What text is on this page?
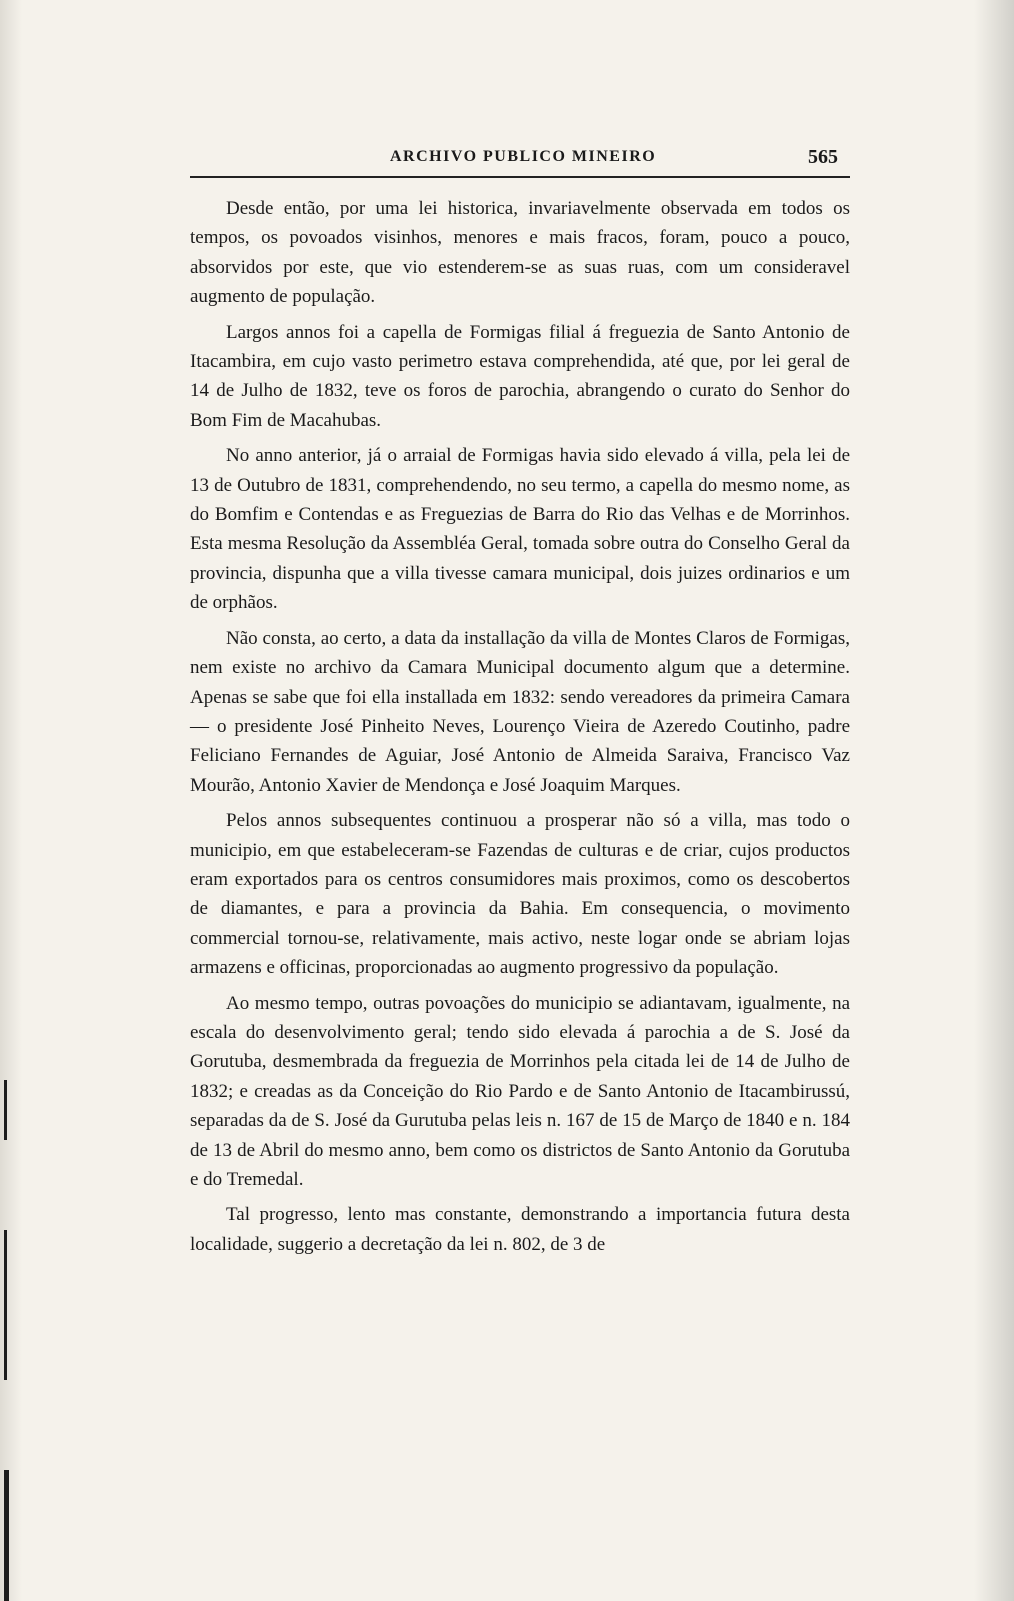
ARCHIVO PUBLICO MINEIRO	565

Desde então, por uma lei historica, invariavelmente observada em todos os tempos, os povoados visinhos, menores e mais fracos, foram, pouco a pouco, absorvidos por este, que vio estenderem-se as suas ruas, com um consideravel augmento de população.

Largos annos foi a capella de Formigas filial á freguezia de Santo Antonio de Itacambira, em cujo vasto perimetro estava comprehendida, até que, por lei geral de 14 de Julho de 1832, teve os foros de parochia, abrangendo o curato do Senhor do Bom Fim de Macahubas.

No anno anterior, já o arraial de Formigas havia sido elevado á villa, pela lei de 13 de Outubro de 1831, comprehendendo, no seu termo, a capella do mesmo nome, as do Bomfim e Contendas e as Freguezias de Barra do Rio das Velhas e de Morrinhos. Esta mesma Resolução da Assembléa Geral, tomada sobre outra do Conselho Geral da provincia, dispunha que a villa tivesse camara municipal, dois juizes ordinarios e um de orphãos.

Não consta, ao certo, a data da installação da villa de Montes Claros de Formigas, nem existe no archivo da Camara Municipal documento algum que a determine. Apenas se sabe que foi ella installada em 1832: sendo vereadores da primeira Camara — o presidente José Pinheito Neves, Lourenço Vieira de Azeredo Coutinho, padre Feliciano Fernandes de Aguiar, José Antonio de Almeida Saraiva, Francisco Vaz Mourão, Antonio Xavier de Mendonça e José Joaquim Marques.

Pelos annos subsequentes continuou a prosperar não só a villa, mas todo o municipio, em que estabeleceram-se Fazendas de culturas e de criar, cujos productos eram exportados para os centros consumidores mais proximos, como os descobertos de diamantes, e para a provincia da Bahia. Em consequencia, o movimento commercial tornou-se, relativamente, mais activo, neste logar onde se abriam lojas armazens e officinas, proporcionadas ao augmento progressivo da população.

Ao mesmo tempo, outras povoações do municipio se adiantavam, igualmente, na escala do desenvolvimento geral; tendo sido elevada á parochia a de S. José da Gorutuba, desmembrada da freguezia de Morrinhos pela citada lei de 14 de Julho de 1832; e creadas as da Conceição do Rio Pardo e de Santo Antonio de Itacambirussú, separadas da de S. José da Gurutuba pelas leis n. 167 de 15 de Março de 1840 e n. 184 de 13 de Abril do mesmo anno, bem como os districtos de Santo Antonio da Gorutuba e do Tremedal.

Tal progresso, lento mas constante, demonstrando a importancia futura desta localidade, suggerio a decretação da lei n. 802, de 3 de
